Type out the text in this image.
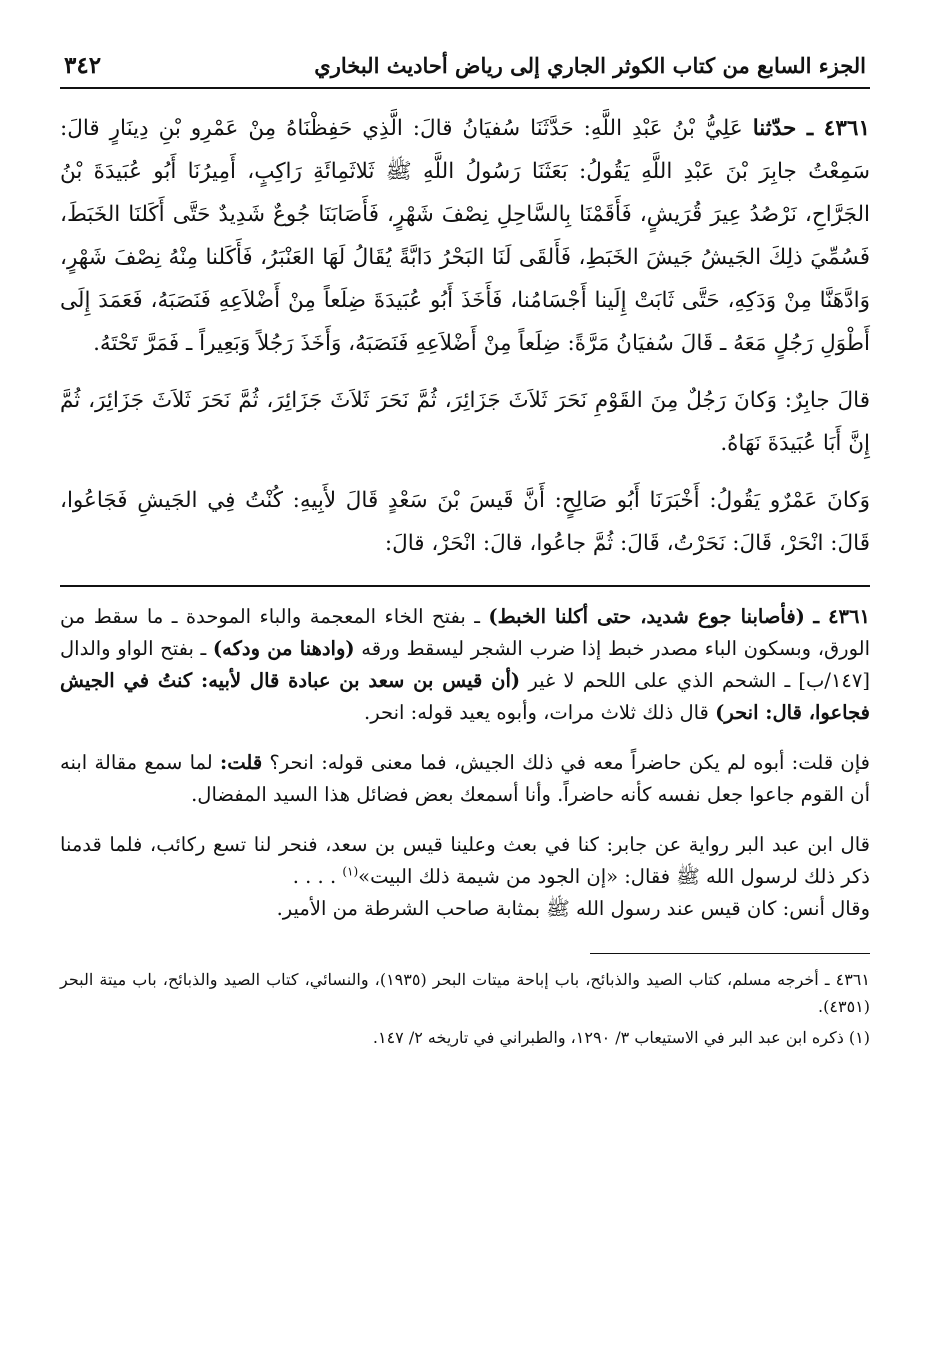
الجزء السابع من كتاب الكوثر الجاري إلى رياض أحاديث البخاري
٣٤٢

٤٣٦١ ـ حدّثنا عَلِيُّ بْنُ عَبْدِ اللَّهِ: حَدَّثَنَا سُفيَانُ قالَ: الَّذِي حَفِظْنَاهُ مِنْ عَمْرِو بْنِ دِينَارٍ قالَ: سَمِعْتُ جابِرَ بْنَ عَبْدِ اللَّهِ يَقُولُ: بَعَثَنَا رَسُولُ اللَّهِ ﷺ ثَلاثَمِائَةِ رَاكِبٍ، أَمِيرُنَا أَبُو عُبَيدَةَ بْنُ الجَرَّاحِ، نَرْصُدُ عِيرَ قُرَيشٍ، فَأَقَمْنَا بِالسَّاحِلِ نِصْفَ شَهْرٍ، فَأَصَابَنَا جُوعٌ شَدِيدٌ حَتَّى أَكَلنَا الخَبَطَ، فَسُمِّيَ ذلِكَ الجَيشُ جَيشَ الخَبَطِ، فَأَلقَى لَنَا البَحْرُ دَابَّةً يُقَالُ لَهَا العَنْبَرُ، فَأَكَلنا مِنْهُ نِصْفَ شَهْرٍ، وَادَّهَنَّا مِنْ وَدَكِهِ، حَتَّى ثَابَتْ إِلَينا أَجْسَامُنا، فَأَخَذَ أَبُو عُبَيدَةَ ضِلَعاً مِنْ أَضْلاَعِهِ فَنَصَبَهُ، فَعَمَدَ إِلَى أَطْوَلِ رَجُلٍ مَعَهُ ـ قَالَ سُفيَانُ مَرَّةً: ضِلَعاً مِنْ أَضْلاَعِهِ فَنَصَبَهُ، وَأَخَذَ رَجُلاً وَبَعِيراً ـ فَمَرَّ تَحْتَهُ.

قالَ جابِرٌ: وَكانَ رَجُلٌ مِنَ القَوْمِ نَحَرَ ثَلاَثَ جَزَائِرَ، ثُمَّ نَحَرَ ثَلاَثَ جَزَائِرَ، ثُمَّ نَحَرَ ثَلاَثَ جَزَائِرَ، ثُمَّ إِنَّ أَبَا عُبَيدَةَ نَهَاهُ.

وَكانَ عَمْرٌو يَقُولُ: أَخْبَرَنَا أَبُو صَالِحٍ: أَنَّ قَيسَ بْنَ سَعْدٍ قَالَ لأَبِيهِ: كُنْتُ فِي الجَيشِ فَجَاعُوا، قَالَ: انْحَرْ، قَالَ: نَحَرْتُ، قَالَ: ثُمَّ جاعُوا، قالَ: انْحَرْ، قالَ:

٤٣٦١ ـ (فأصابنا جوع شديد، حتى أكلنا الخبط) ـ بفتح الخاء المعجمة والباء الموحدة ـ ما سقط من الورق، وبسكون الباء مصدر خبط إذا ضرب الشجر ليسقط ورقه (وادهنا من ودكه) ـ بفتح الواو والدال [١٤٧/ب] ـ الشحم الذي على اللحم لا غير (أن قيس بن سعد بن عبادة قال لأبيه: كنتُ في الجيش فجاعوا، قال: انحر) قال ذلك ثلاث مرات، وأبوه يعيد قوله: انحر.

فإن قلت: أبوه لم يكن حاضراً معه في ذلك الجيش، فما معنى قوله: انحر؟ قلت: لما سمع مقالة ابنه أن القوم جاعوا جعل نفسه كأنه حاضراً. وأنا أسمعك بعض فضائل هذا السيد المفضال.

قال ابن عبد البر رواية عن جابر: كنا في بعث وعلينا قيس بن سعد، فنحر لنا تسع ركائب، فلما قدمنا ذكر ذلك لرسول الله ﷺ فقال: «إن الجود من شيمة ذلك البيت»$^{(١)}$ . . . .
وقال أنس: كان قيس عند رسول الله ﷺ بمثابة صاحب الشرطة من الأمير.

٤٣٦١ ـ أخرجه مسلم، كتاب الصيد والذبائح، باب إباحة ميتات البحر (١٩٣٥)، والنسائي، كتاب الصيد والذبائح، باب ميتة البحر (٤٣٥١).

(١) ذكره ابن عبد البر في الاستيعاب ٣/ ١٢٩٠، والطبراني في تاريخه ٢/ ١٤٧.
